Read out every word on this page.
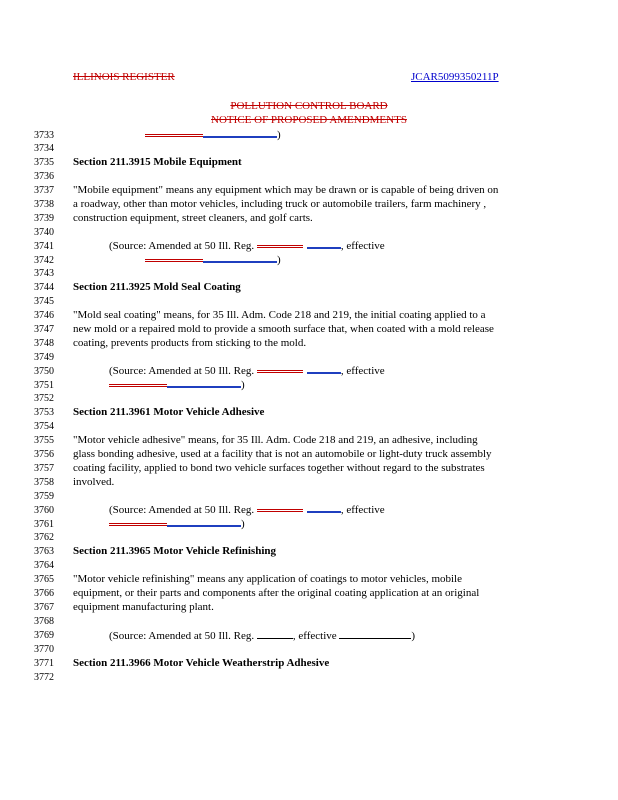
ILLINOIS REGISTER	JCAR5099350211P
POLLUTION CONTROL BOARD
NOTICE OF PROPOSED AMENDMENTS
3733
3734
3735
3736
3737
3738
3739
3740
3741
3742
3743
3744
3745
3746
3747
3748
3749
3750
3751
3752
3753
3754
3755
3756
3757
3758
3759
3760
3761
3762
3763
3764
3765
3766
3767
3768
3769
3770
3771
3772
)
Section 211.3915 Mobile Equipment
"Mobile equipment" means any equipment which may be drawn or is capable of being driven on
a roadway, other than motor vehicles, including truck or automobile trailers, farm machinery ,
construction equipment, street cleaners, and golf carts.
(Source: Amended at 50 Ill. Reg.	, effective
)
Section 211.3925 Mold Seal Coating
"Mold seal coating" means, for 35 Ill. Adm. Code 218 and 219, the initial coating applied to a
new mold or a repaired mold to provide a smooth surface that, when coated with a mold release
coating, prevents products from sticking to the mold.
(Source: Amended at 50 Ill. Reg.	, effective
)
Section 211.3961 Motor Vehicle Adhesive
"Motor vehicle adhesive" means, for 35 Ill. Adm. Code 218 and 219, an adhesive, including
glass bonding adhesive, used at a facility that is not an automobile or light-duty truck assembly
coating facility, applied to bond two vehicle surfaces together without regard to the substrates
involved.
(Source: Amended at 50 Ill. Reg.	, effective
)
Section 211.3965 Motor Vehicle Refinishing
"Motor vehicle refinishing" means any application of coatings to motor vehicles, mobile
equipment, or their parts and components after the original coating application at an original
equipment manufacturing plant.
(Source: Amended at 50 Ill. Reg.	, effective	)
Section 211.3966 Motor Vehicle Weatherstrip Adhesive
